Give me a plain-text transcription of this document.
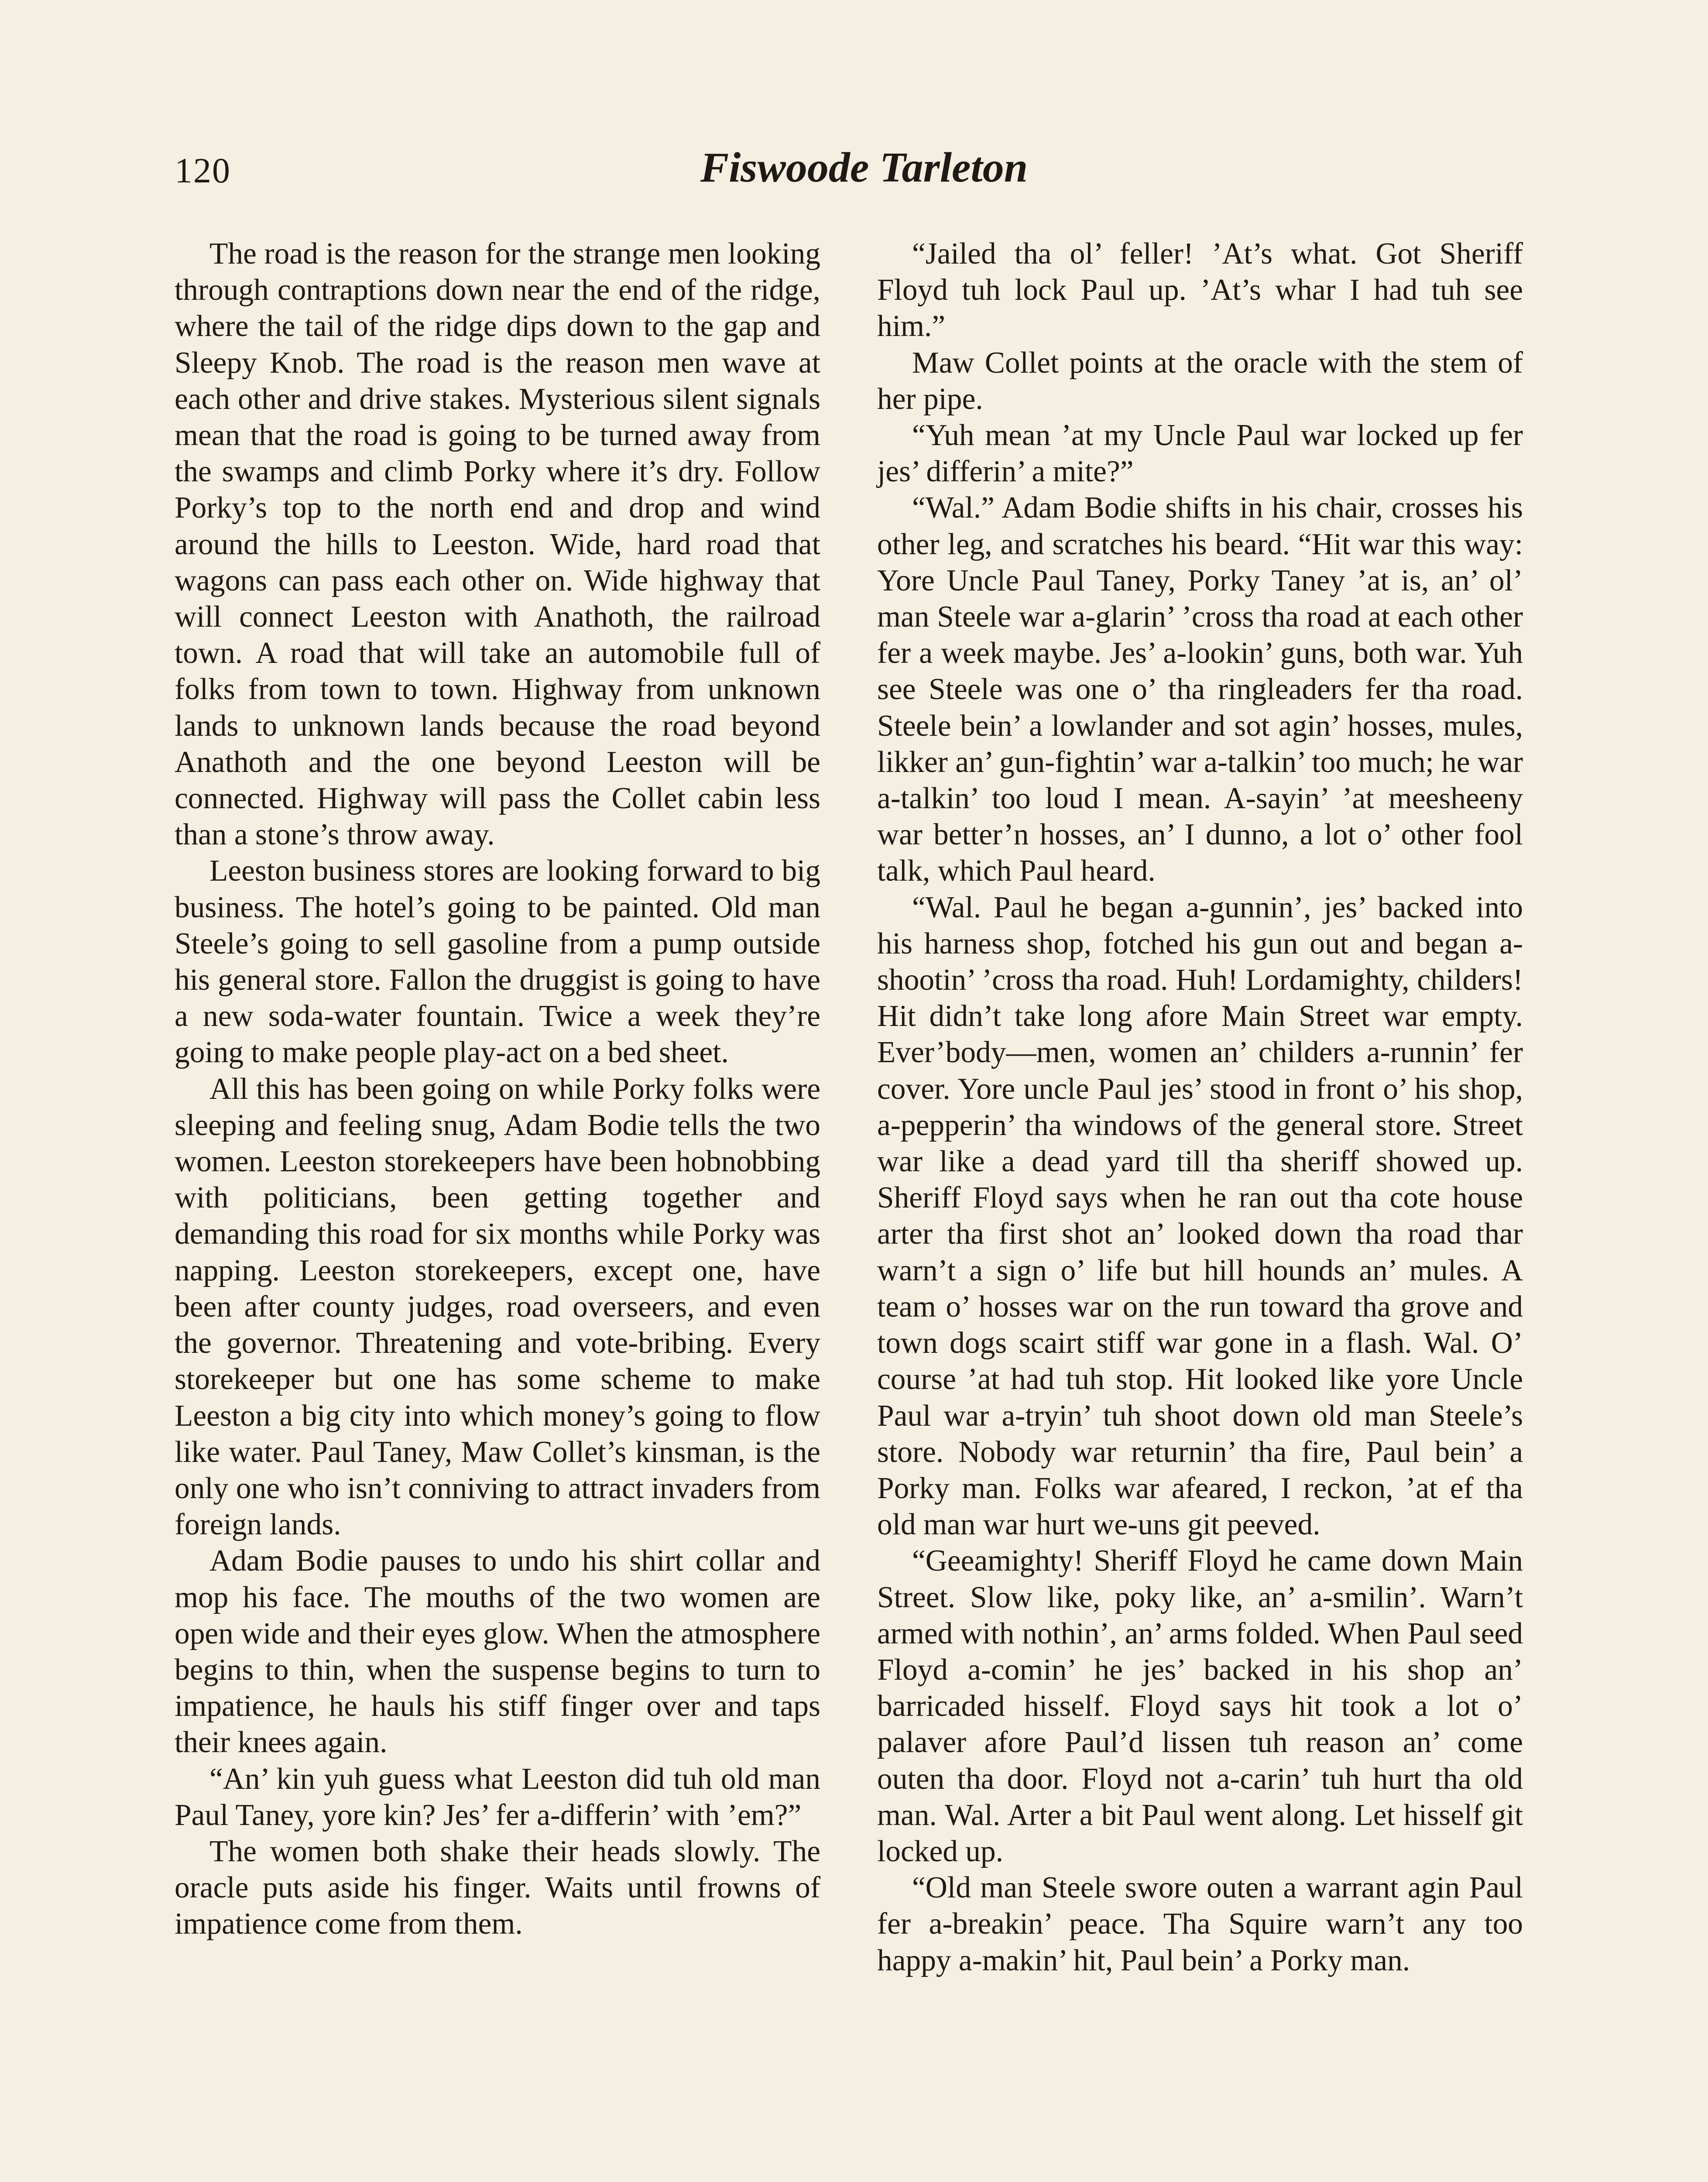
120	Fiswoode Tarleton

The road is the reason for the strange men looking through contraptions down near the end of the ridge, where the tail of the ridge dips down to the gap and Sleepy Knob. The road is the reason men wave at each other and drive stakes. Mysterious silent signals mean that the road is going to be turned away from the swamps and climb Porky where it’s dry. Follow Porky’s top to the north end and drop and wind around the hills to Leeston. Wide, hard road that wagons can pass each other on. Wide highway that will connect Leeston with Anathoth, the railroad town. A road that will take an automobile full of folks from town to town. Highway from unknown lands to unknown lands because the road beyond Anathoth and the one beyond Leeston will be connected. Highway will pass the Collet cabin less than a stone’s throw away.

Leeston business stores are looking forward to big business. The hotel’s going to be painted. Old man Steele’s going to sell gasoline from a pump outside his general store. Fallon the druggist is going to have a new soda-water fountain. Twice a week they’re going to make people play-act on a bed sheet.

All this has been going on while Porky folks were sleeping and feeling snug, Adam Bodie tells the two women. Leeston storekeepers have been hobnobbing with politicians, been getting together and demanding this road for six months while Porky was napping. Leeston storekeepers, except one, have been after county judges, road overseers, and even the governor. Threatening and vote-bribing. Every storekeeper but one has some scheme to make Leeston a big city into which money’s going to flow like water. Paul Taney, Maw Collet’s kinsman, is the only one who isn’t conniving to attract invaders from foreign lands.

Adam Bodie pauses to undo his shirt collar and mop his face. The mouths of the two women are open wide and their eyes glow. When the atmosphere begins to thin, when the suspense begins to turn to impatience, he hauls his stiff finger over and taps their knees again.

“An’ kin yuh guess what Leeston did tuh old man Paul Taney, yore kin? Jes’ fer a-differin’ with ’em?”

The women both shake their heads slowly. The oracle puts aside his finger. Waits until frowns of impatience come from them.

“Jailed tha ol’ feller! ’At’s what. Got Sheriff Floyd tuh lock Paul up. ’At’s whar I had tuh see him.”

Maw Collet points at the oracle with the stem of her pipe.

“Yuh mean ’at my Uncle Paul war locked up fer jes’ differin’ a mite?”

“Wal.” Adam Bodie shifts in his chair, crosses his other leg, and scratches his beard. “Hit war this way: Yore Uncle Paul Taney, Porky Taney ’at is, an’ ol’ man Steele war a-glarin’ ’cross tha road at each other fer a week maybe. Jes’ a-lookin’ guns, both war. Yuh see Steele was one o’ tha ringleaders fer tha road. Steele bein’ a lowlander and sot agin’ hosses, mules, likker an’ gun-fightin’ war a-talkin’ too much; he war a-talkin’ too loud I mean. A-sayin’ ’at meesheeny war better’n hosses, an’ I dunno, a lot o’ other fool talk, which Paul heard.

“Wal. Paul he began a-gunnin’, jes’ backed into his harness shop, fotched his gun out and began a-shootin’ ’cross tha road. Huh! Lordamighty, childers! Hit didn’t take long afore Main Street war empty. Ever’body—men, women an’ childers a-runnin’ fer cover. Yore uncle Paul jes’ stood in front o’ his shop, a-pepperin’ tha windows of the general store. Street war like a dead yard till tha sheriff showed up. Sheriff Floyd says when he ran out tha cote house arter tha first shot an’ looked down tha road thar warn’t a sign o’ life but hill hounds an’ mules. A team o’ hosses war on the run toward tha grove and town dogs scairt stiff war gone in a flash. Wal. O’ course ’at had tuh stop. Hit looked like yore Uncle Paul war a-tryin’ tuh shoot down old man Steele’s store. Nobody war returnin’ tha fire, Paul bein’ a Porky man. Folks war afeared, I reckon, ’at ef tha old man war hurt we-uns git peeved.

“Geeamighty! Sheriff Floyd he came down Main Street. Slow like, poky like, an’ a-smilin’. Warn’t armed with nothin’, an’ arms folded. When Paul seed Floyd a-comin’ he jes’ backed in his shop an’ barricaded hisself. Floyd says hit took a lot o’ palaver afore Paul’d lissen tuh reason an’ come outen tha door. Floyd not a-carin’ tuh hurt tha old man. Wal. Arter a bit Paul went along. Let hisself git locked up.

“Old man Steele swore outen a warrant agin Paul fer a-breakin’ peace. Tha Squire warn’t any too happy a-makin’ hit, Paul bein’ a Porky man.
